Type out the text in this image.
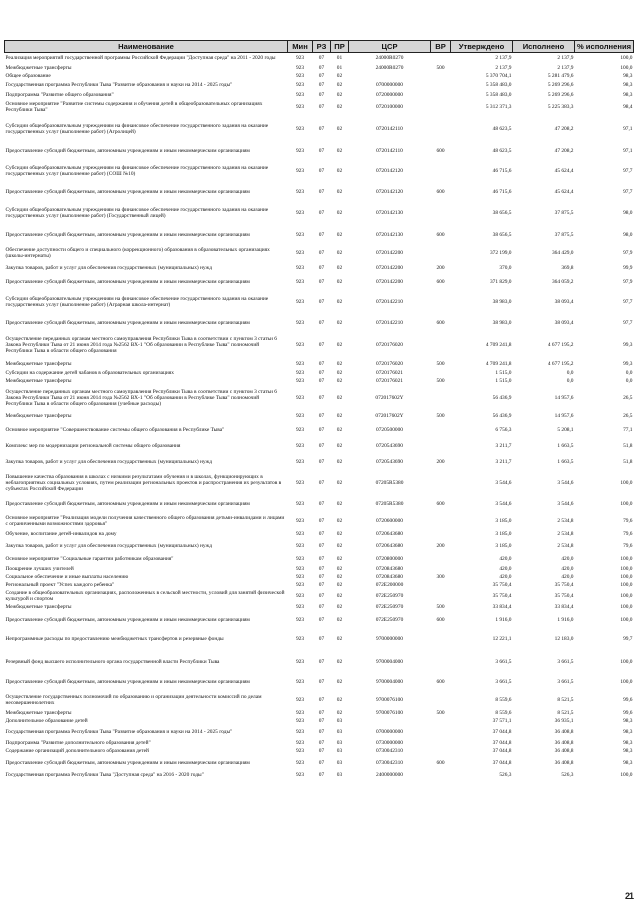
Наименование	Мин	РЗ	ПР	ЦСР	ВР	Утверждено	Исполнено	% исполнения
Реализация мероприятий государственной программы Российской Федерации "Доступная среда" на 2011 - 2020 годы	923	07	01	24000R0270		2 137,9	2 137,9	100,0
Межбюджетные трансферты	923	07	01	24000R0270	500	2 137,9	2 137,9	100,0
Общее образование	923	07	02			5 370 704,1	5 281 479,6	98,3
Государственная программа Республики Тыва "Развитие образования и науки на 2014 - 2025 годы"	923	07	02	0700000000		5 358 483,0	5 269 296,6	98,3
Подпрограмма "Развитие общего образования"	923	07	02	0720000000		5 358 483,0	5 269 296,6	98,3
Основное мероприятие "Развитие системы содержания и обучения детей в общеобразовательных организациях Республики Тыва"	923	07	02	0720100000		5 312 371,3	5 225 383,3	98,4
Субсидии общеобразовательным учреждениям на финансовое обеспечение государственного задания на оказание государственных услуг (выполнение работ) (Агролицей)	923	07	02	0720142110		48 623,5	47 208,2	97,1
Предоставление субсидий бюджетным, автономным учреждениям и иным некоммерческим организациям	923	07	02	0720142110	600	48 623,5	47 208,2	97,1
Субсидии общеобразовательным учреждениям на финансовое обеспечение государственного задания на оказание государственных услуг (выполнение работ) (СОШ №10)	923	07	02	0720142120		46 715,6	45 624,4	97,7
Предоставление субсидий бюджетным, автономным учреждениям и иным некоммерческим организациям	923	07	02	0720142120	600	46 715,6	45 624,4	97,7
Субсидии общеобразовательным учреждениям на финансовое обеспечение государственного задания на оказание государственных услуг (выполнение работ) (Государственный лицей)	923	07	02	0720142130		38 656,5	37 875,5	98,0
Предоставление субсидий бюджетным, автономным учреждениям и иным некоммерческим организациям	923	07	02	0720142130	600	38 656,5	37 875,5	98,0
Обеспечение доступности общего и специального (коррекционного) образования в образовательных организациях (школы-интернаты)	923	07	02	0720142200		372 199,0	364 429,0	97,9
Закупка товаров, работ и услуг для обеспечения государственных (муниципальных) нужд	923	07	02	0720142200	200	370,0	369,8	99,9
Предоставление субсидий бюджетным, автономным учреждениям и иным некоммерческим организациям	923	07	02	0720142200	600	371 829,0	364 059,2	97,9
Субсидии общеобразовательным учреждениям на финансовое обеспечение государственного задания на оказание государственных услуг (выполнение работ) (Аграрная школа-интернат)	923	07	02	0720142210		38 983,0	38 093,4	97,7
Предоставление субсидий бюджетным, автономным учреждениям и иным некоммерческим организациям	923	07	02	0720142210	600	38 983,0	38 093,4	97,7
Осуществление переданных органам местного самоуправления Республики Тыва в соответствии с пунктом 3 статьи 6 Закона Республики Тыва от 21 июня 2014 года №2562 ВХ-1 "Об образовании в Республике Тыва" полномочий Республики Тыва в области общего образования	923	07	02	0720176020		4 709 241,8	4 677 195,2	99,3
Межбюджетные трансферты	923	07	02	0720176020	500	4 709 241,8	4 677 195,2	99,3
Субсидии на содержание детей чабанов в образовательных организациях	923	07	02	0720176021		1 515,0	0,0	0,0
Межбюджетные трансферты	923	07	02	0720176021	500	1 515,0	0,0	0,0
Осуществление переданных органам местного самоуправления Республики Тыва в соответствии с пунктом 3 статьи 6 Закона Республики Тыва от 21 июня 2014 года №2562 ВХ-1 "Об образовании в Республике Тыва" полномочий Республики Тыва в области общего образования (учебные расходы)	923	07	02	072017602Y		56 436,9	14 957,6	26,5
Межбюджетные трансферты	923	07	02	072017602Y	500	56 436,9	14 957,6	26,5
Основное мероприятие "Совершенствование системы общего образования в Республике Тыва"	923	07	02	0720500000		6 756,3	5 208,1	77,1
Комплекс мер по модернизации региональной системы общего образования	923	07	02	0720543690		3 211,7	1 663,5	51,8
Закупка товаров, работ и услуг для обеспечения государственных (муниципальных) нужд	923	07	02	0720543690	200	3 211,7	1 663,5	51,8
Повышение качества образования в школах с низкими результатами обучения и в школах, функционирующих в неблагоприятных социальных условиях, путем реализации региональных проектов и распространения их результатов в субъектах Российской Федерации	923	07	02	07205R5380		3 544,6	3 544,6	100,0
Предоставление субсидий бюджетным, автономным учреждениям и иным некоммерческим организациям	923	07	02	07205R5380	600	3 544,6	3 544,6	100,0
Основное мероприятие "Реализация модели получения качественного общего образования детьми-инвалидами и лицами с ограниченными возможностями здоровья"	923	07	02	0720600000		3 185,0	2 534,8	79,6
Обучение, воспитание детей-инвалидов на дому	923	07	02	0720643680		3 185,0	2 534,8	79,6
Закупка товаров, работ и услуг для обеспечения государственных (муниципальных) нужд	923	07	02	0720643680	200	3 185,0	2 534,8	79,6
Основное мероприятие "Социальные гарантии работникам образования"	923	07	02	0720800000		420,0	420,0	100,0
Поощрение лучших учителей	923	07	02	0720843680		420,0	420,0	100,0
Социальное обеспечение и иные выплаты населению	923	07	02	0720843680	300	420,0	420,0	100,0
Региональный проект "Успех каждого ребенка"	923	07	02	072E200000		35 750,4	35 750,4	100,0
Создание в общеобразовательных организациях, расположенных в сельской местности, условий для занятий физической культурой и спортом	923	07	02	072E250970		35 750,4	35 750,4	100,0
Межбюджетные трансферты	923	07	02	072E250970	500	33 834,4	33 834,4	100,0
Предоставление субсидий бюджетным, автономным учреждениям и иным некоммерческим организациям	923	07	02	072E250970	600	1 916,0	1 916,0	100,0
Непрограммные расходы по предоставлению межбюджетных трансфертов и резервные фонды	923	07	02	9700000000		12 221,1	12 183,0	99,7
Резервный фонд высшего исполнительного органа государственной власти Республики Тыва	923	07	02	9700004000		3 661,5	3 661,5	100,0
Предоставление субсидий бюджетным, автономным учреждениям и иным некоммерческим организациям	923	07	02	9700004000	600	3 661,5	3 661,5	100,0
Осуществление государственных полномочий по образованию и организации деятельности комиссий по делам несовершеннолетних	923	07	02	9700076100		8 559,6	8 521,5	99,6
Межбюджетные трансферты	923	07	02	9700076100	500	8 559,6	8 521,5	99,6
Дополнительное образование детей	923	07	03			37 571,1	36 935,1	98,3
Государственная программа Республики Тыва "Развитие образования и науки на 2014 - 2025 годы"	923	07	03	0700000000		37 044,8	36 408,8	98,3
Подпрограмма "Развитие дополнительного образования детей"	923	07	03	0730000000		37 044,8	36 408,8	98,3
Содержание организаций дополнительного образования детей	923	07	03	0730042310		37 044,8	36 408,8	98,3
Предоставление субсидий бюджетным, автономным учреждениям и иным некоммерческим организациям	923	07	03	0730042310	600	37 044,8	36 408,8	98,3
Государственная программа Республики Тыва "Доступная среда" на 2016 - 2020 годы"	923	07	03	2400000000		526,3	526,3	100,0
21
